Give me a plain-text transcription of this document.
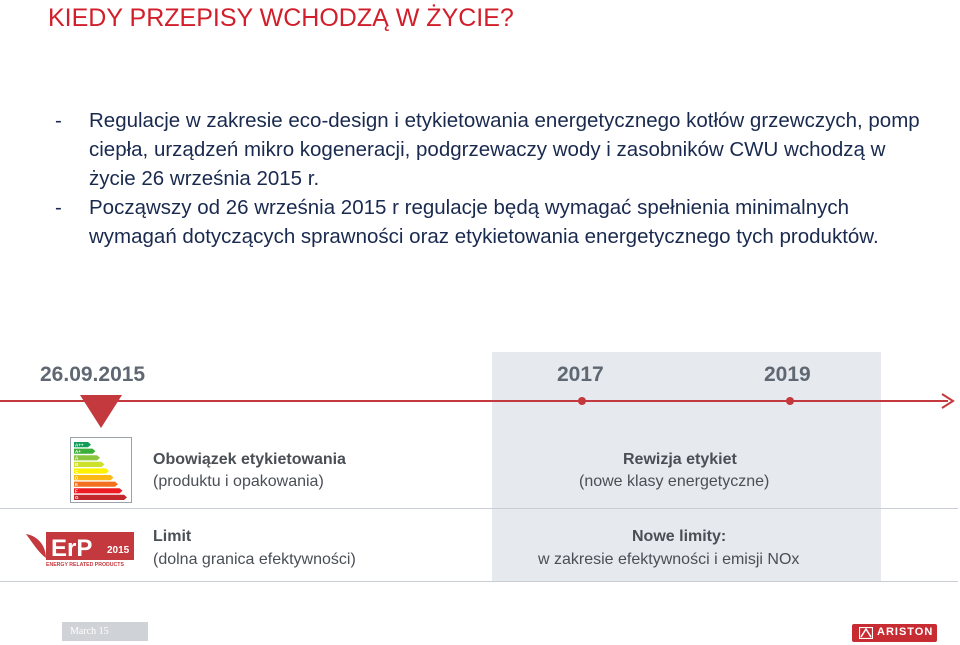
KIEDY PRZEPISY WCHODZĄ W ŻYCIE?
- Regulacje w zakresie eco-design i etykietowania energetycznego kotłów grzewczych, pomp ciepła, urządzeń mikro kogeneracji, podgrzewaczy wody i zasobników CWU wchodzą w życie 26 września 2015 r.
- Począwszy od 26 września 2015 r regulacje będą wymagać spełnienia minimalnych wymagań dotyczących sprawności oraz etykietowania energetycznego tych produktów.
26.09.2015	2017	2019
A++
A+
A
B
C
D
E
F
G
Obowiązek etykietowania
(produktu i opakowania)
Rewizja etykiet
(nowe klasy energetyczne)
ErP 2015
ENERGY RELATED PRODUCTS
Limit
(dolna granica efektywności)
Nowe limity:
w zakresie efektywności i emisji NOx
March 15	ARISTON
